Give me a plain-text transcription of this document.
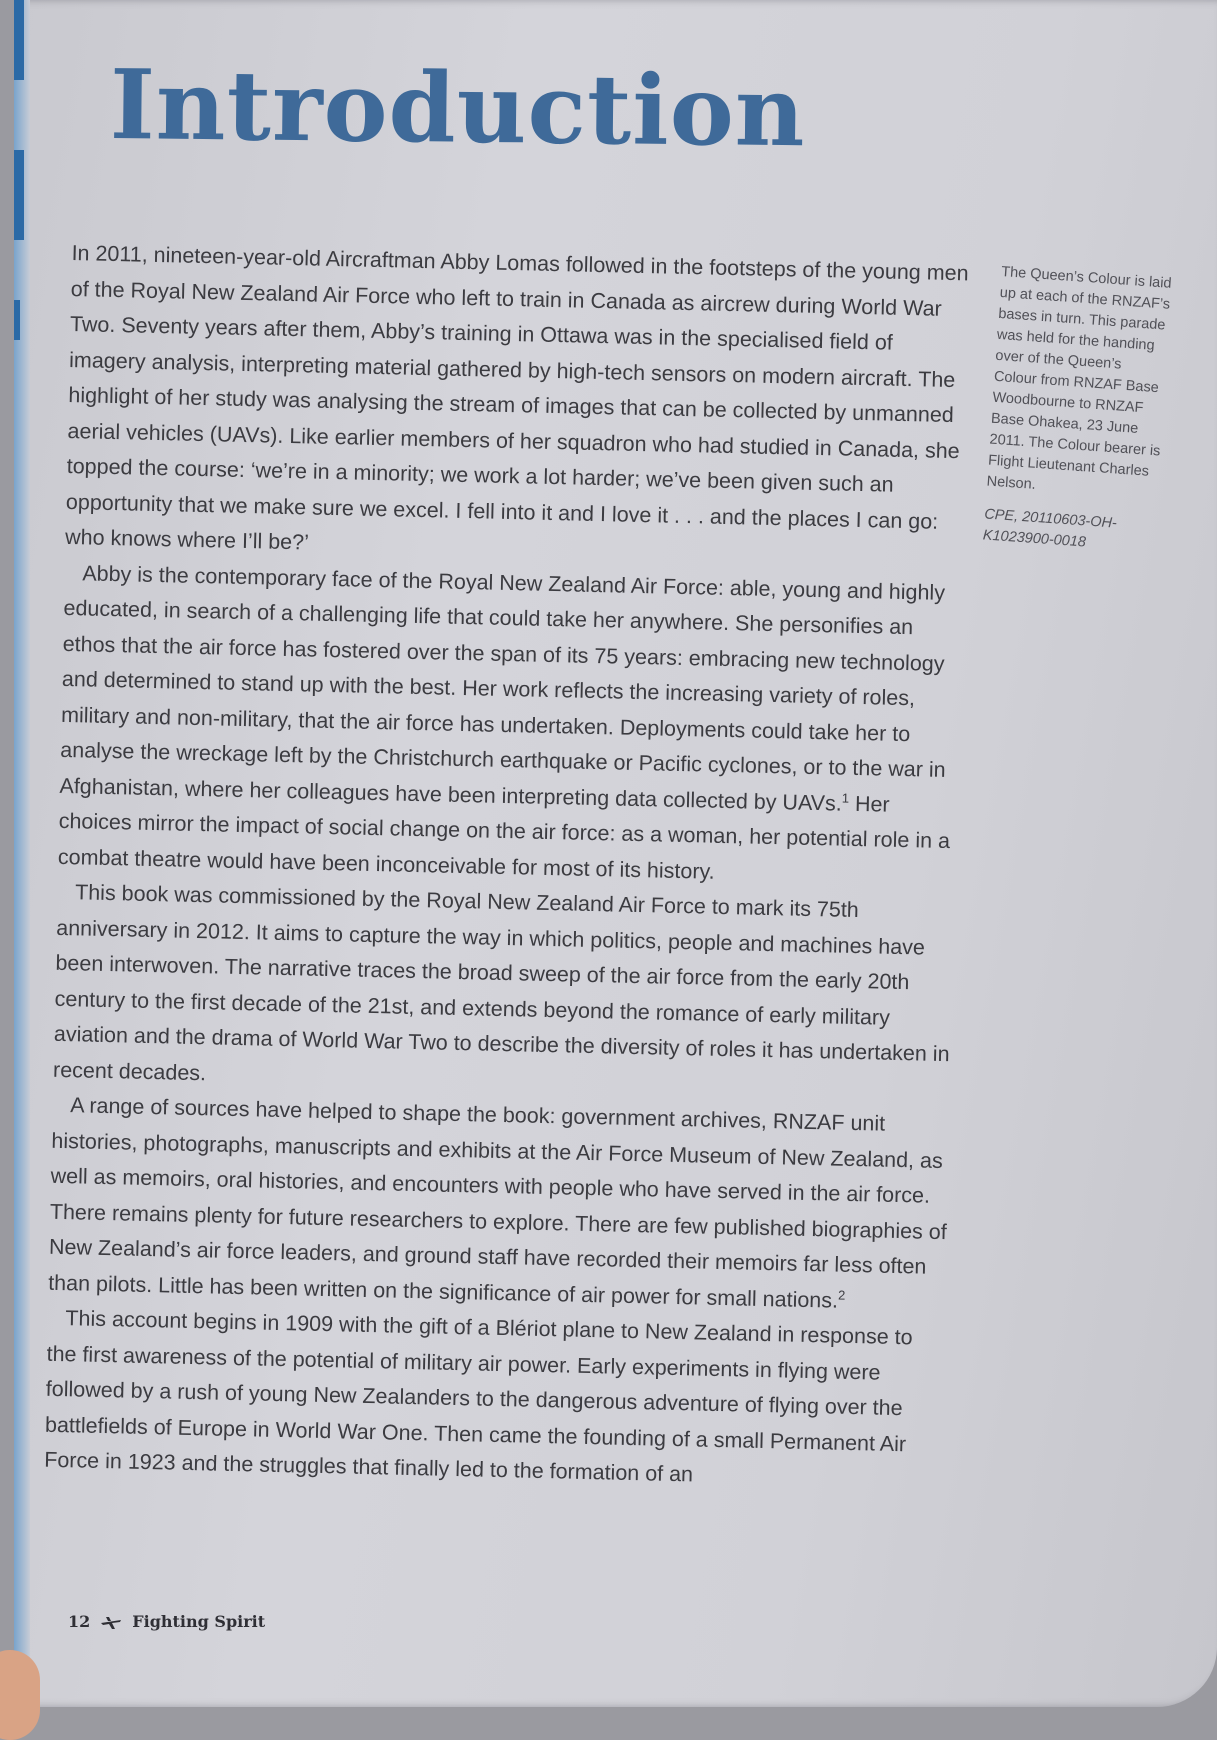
Introduction

In 2011, nineteen-year-old Aircraftman Abby Lomas followed in the footsteps of the young men of the Royal New Zealand Air Force who left to train in Canada as aircrew during World War Two. Seventy years after them, Abby’s training in Ottawa was in the specialised field of imagery analysis, interpreting material gathered by high-tech sensors on modern aircraft. The highlight of her study was analysing the stream of images that can be collected by unmanned aerial vehicles (UAVs). Like earlier members of her squadron who had studied in Canada, she topped the course: ‘we’re in a minority; we work a lot harder; we’ve been given such an opportunity that we make sure we excel. I fell into it and I love it . . . and the places I can go: who knows where I’ll be?’

Abby is the contemporary face of the Royal New Zealand Air Force: able, young and highly educated, in search of a challenging life that could take her anywhere. She personifies an ethos that the air force has fostered over the span of its 75 years: embracing new technology and determined to stand up with the best. Her work reflects the increasing variety of roles, military and non-military, that the air force has undertaken. Deployments could take her to analyse the wreckage left by the Christchurch earthquake or Pacific cyclones, or to the war in Afghanistan, where her colleagues have been interpreting data collected by UAVs.$^1$ Her choices mirror the impact of social change on the air force: as a woman, her potential role in a combat theatre would have been inconceivable for most of its history.

This book was commissioned by the Royal New Zealand Air Force to mark its 75th anniversary in 2012. It aims to capture the way in which politics, people and machines have been interwoven. The narrative traces the broad sweep of the air force from the early 20th century to the first decade of the 21st, and extends beyond the romance of early military aviation and the drama of World War Two to describe the diversity of roles it has undertaken in recent decades.

A range of sources have helped to shape the book: government archives, RNZAF unit histories, photographs, manuscripts and exhibits at the Air Force Museum of New Zealand, as well as memoirs, oral histories, and encounters with people who have served in the air force. There remains plenty for future researchers to explore. There are few published biographies of New Zealand’s air force leaders, and ground staff have recorded their memoirs far less often than pilots. Little has been written on the significance of air power for small nations.$^2$

This account begins in 1909 with the gift of a Blériot plane to New Zealand in response to the first awareness of the potential of military air power. Early experiments in flying were followed by a rush of young New Zealanders to the dangerous adventure of flying over the battlefields of Europe in World War One. Then came the founding of a small Permanent Air Force in 1923 and the struggles that finally led to the formation of an

The Queen’s Colour is laid up at each of the RNZAF’s bases in turn. This parade was held for the handing over of the Queen’s Colour from RNZAF Base Woodbourne to RNZAF Base Ohakea, 23 June 2011. The Colour bearer is Flight Lieutenant Charles Nelson.

CPE, 20110603-OH-K1023900-0018

12	Fighting Spirit
